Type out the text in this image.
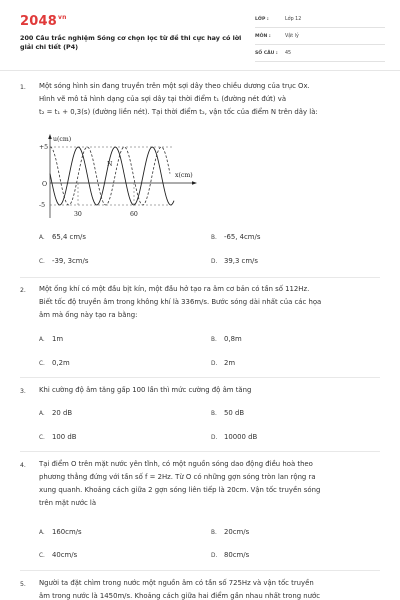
$2048^{vn}$
200 Câu trắc nghiệm Sóng cơ chọn lọc từ đề thi cực hay có lời giải chi tiết (P4)
LỚP :	Lớp 12
MÔN :	Vật lý
SỐ CÂU : 45
1. Một sóng hình sin đang truyền trên một sợi dây theo chiều dương của trục Ox.
Hình vẽ mô tả hình dạng của sợi dây tại thời điểm t₁ (đường nét đứt) và
t₂ = t₁ + 0,3(s) (đường liền nét). Tại thời điểm t₂, vận tốc của điểm N trên dây là:
u(cm)
x(cm)
+5
O
-5
30	60
N
A. 65,4 cm/s	B. -65, 4cm/s
C. -39, 3cm/s	D. 39,3 cm/s
2. Một ống khí có một đầu bịt kín, một đầu hở tạo ra âm cơ bản có tần số 112Hz.
Biết tốc độ truyền âm trong không khí là 336m/s. Bước sóng dài nhất của các họa
âm mà ống này tạo ra bằng:
A. 1m	B. 0,8m
C. 0,2m	D. 2m
3. Khi cường độ âm tăng gấp 100 lần thì mức cường độ âm tăng
A. 20 dB	B. 50 dB
C. 100 dB	D. 10000 dB
4. Tại điểm O trên mặt nước yên tĩnh, có một nguồn sóng dao động điều hoà theo
phương thẳng đứng với tần số f = 2Hz. Từ O có những gợn sóng tròn lan rộng ra
xung quanh. Khoảng cách giữa 2 gợn sóng liên tiếp là 20cm. Vận tốc truyền sóng
trên mặt nước là
A. 160cm/s	B. 20cm/s
C. 40cm/s	D. 80cm/s
5. Người ta đặt chìm trong nước một nguồn âm có tần số 725Hz và vận tốc truyền
âm trong nước là 1450m/s. Khoảng cách giữa hai điểm gần nhau nhất trong nước
